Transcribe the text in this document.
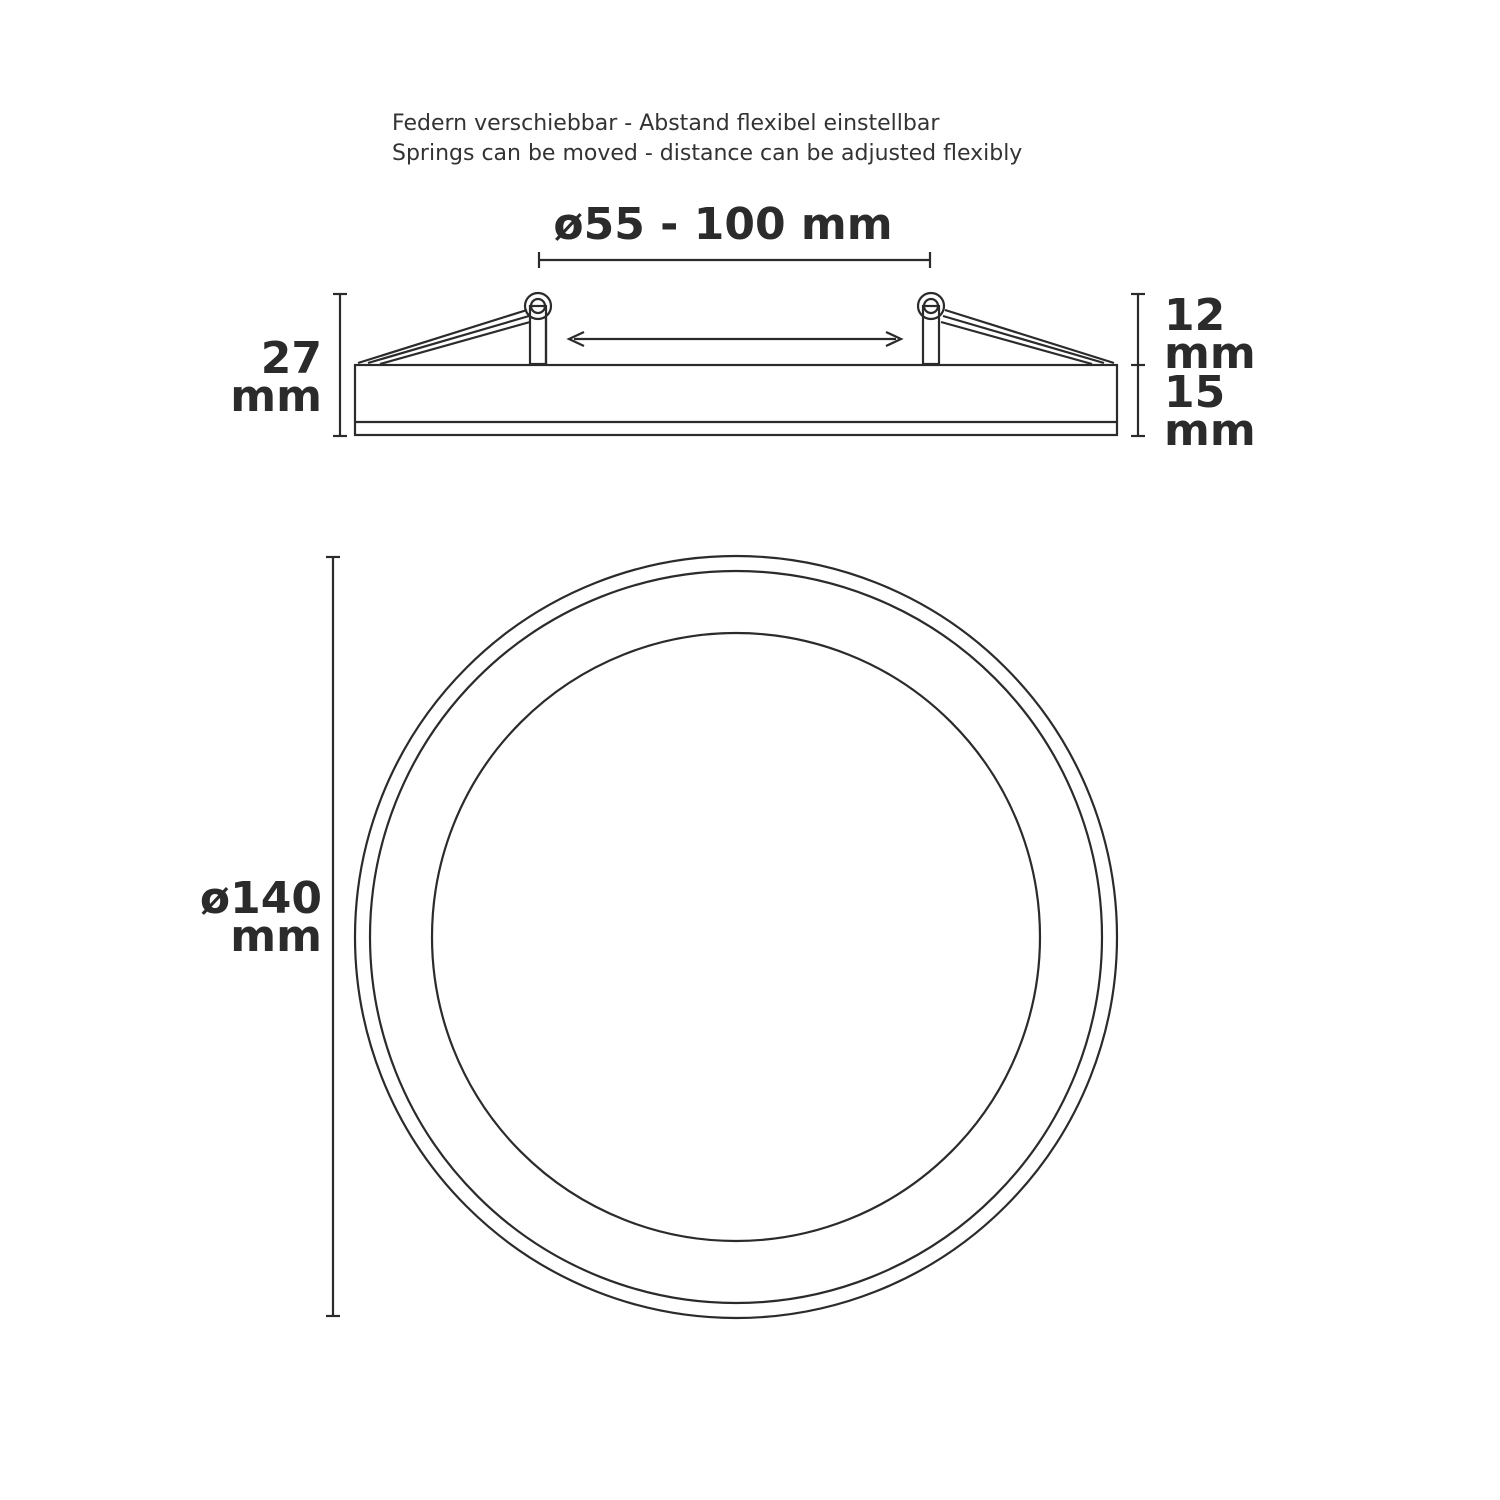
Federn verschiebbar - Abstand flexibel einstellbar
Springs can be moved - distance can be adjusted flexibly
ø55 - 100 mm
27
mm
12
mm
15
mm
ø140
mm
